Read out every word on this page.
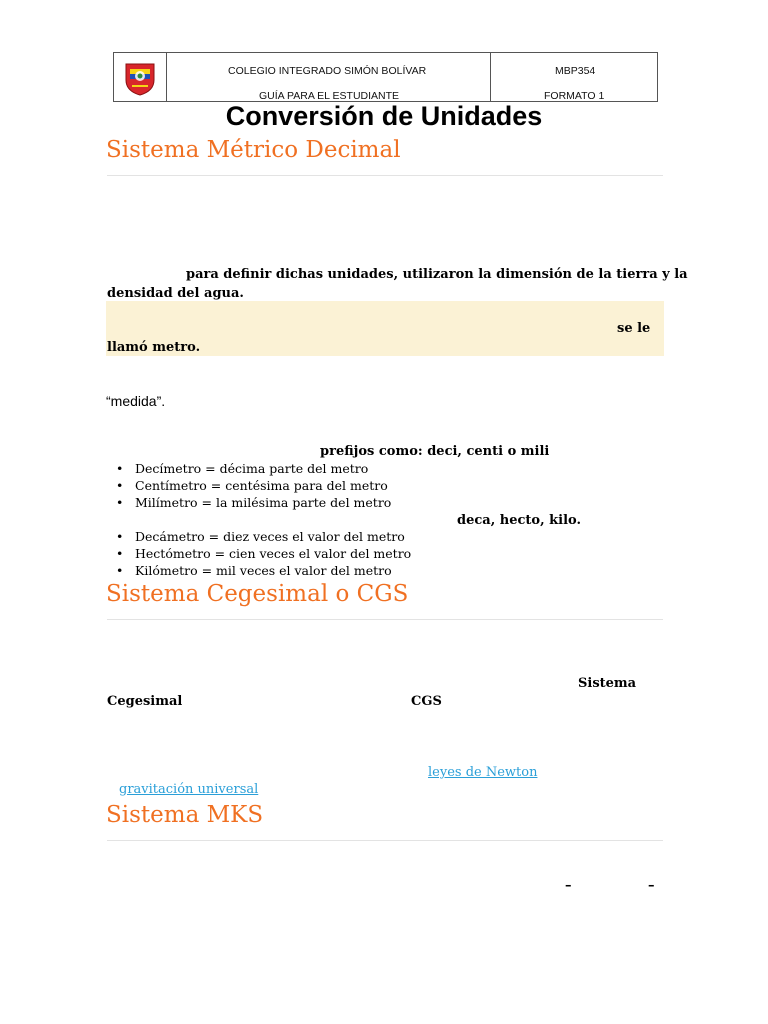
COLEGIO INTEGRADO SIMÓN BOLÍVAR
GUÍA PARA EL ESTUDIANTE
MBP354
FORMATO 1
Conversión de Unidades
Sistema Métrico Decimal
para definir dichas unidades, utilizaron la dimensión de la tierra y la
densidad del agua.
se le
llamó metro.
“medida”.
prefijos como: deci, centi o mili
• Decímetro = décima parte del metro
• Centímetro = centésima para del metro
• Milímetro = la milésima parte del metro
deca, hecto, kilo.
• Decámetro = diez veces el valor del metro
• Hectómetro = cien veces el valor del metro
• Kilómetro = mil veces el valor del metro
Sistema Cegesimal o CGS
Sistema
Cegesimal	CGS
leyes de Newton
gravitación universal
Sistema MKS
–	–
